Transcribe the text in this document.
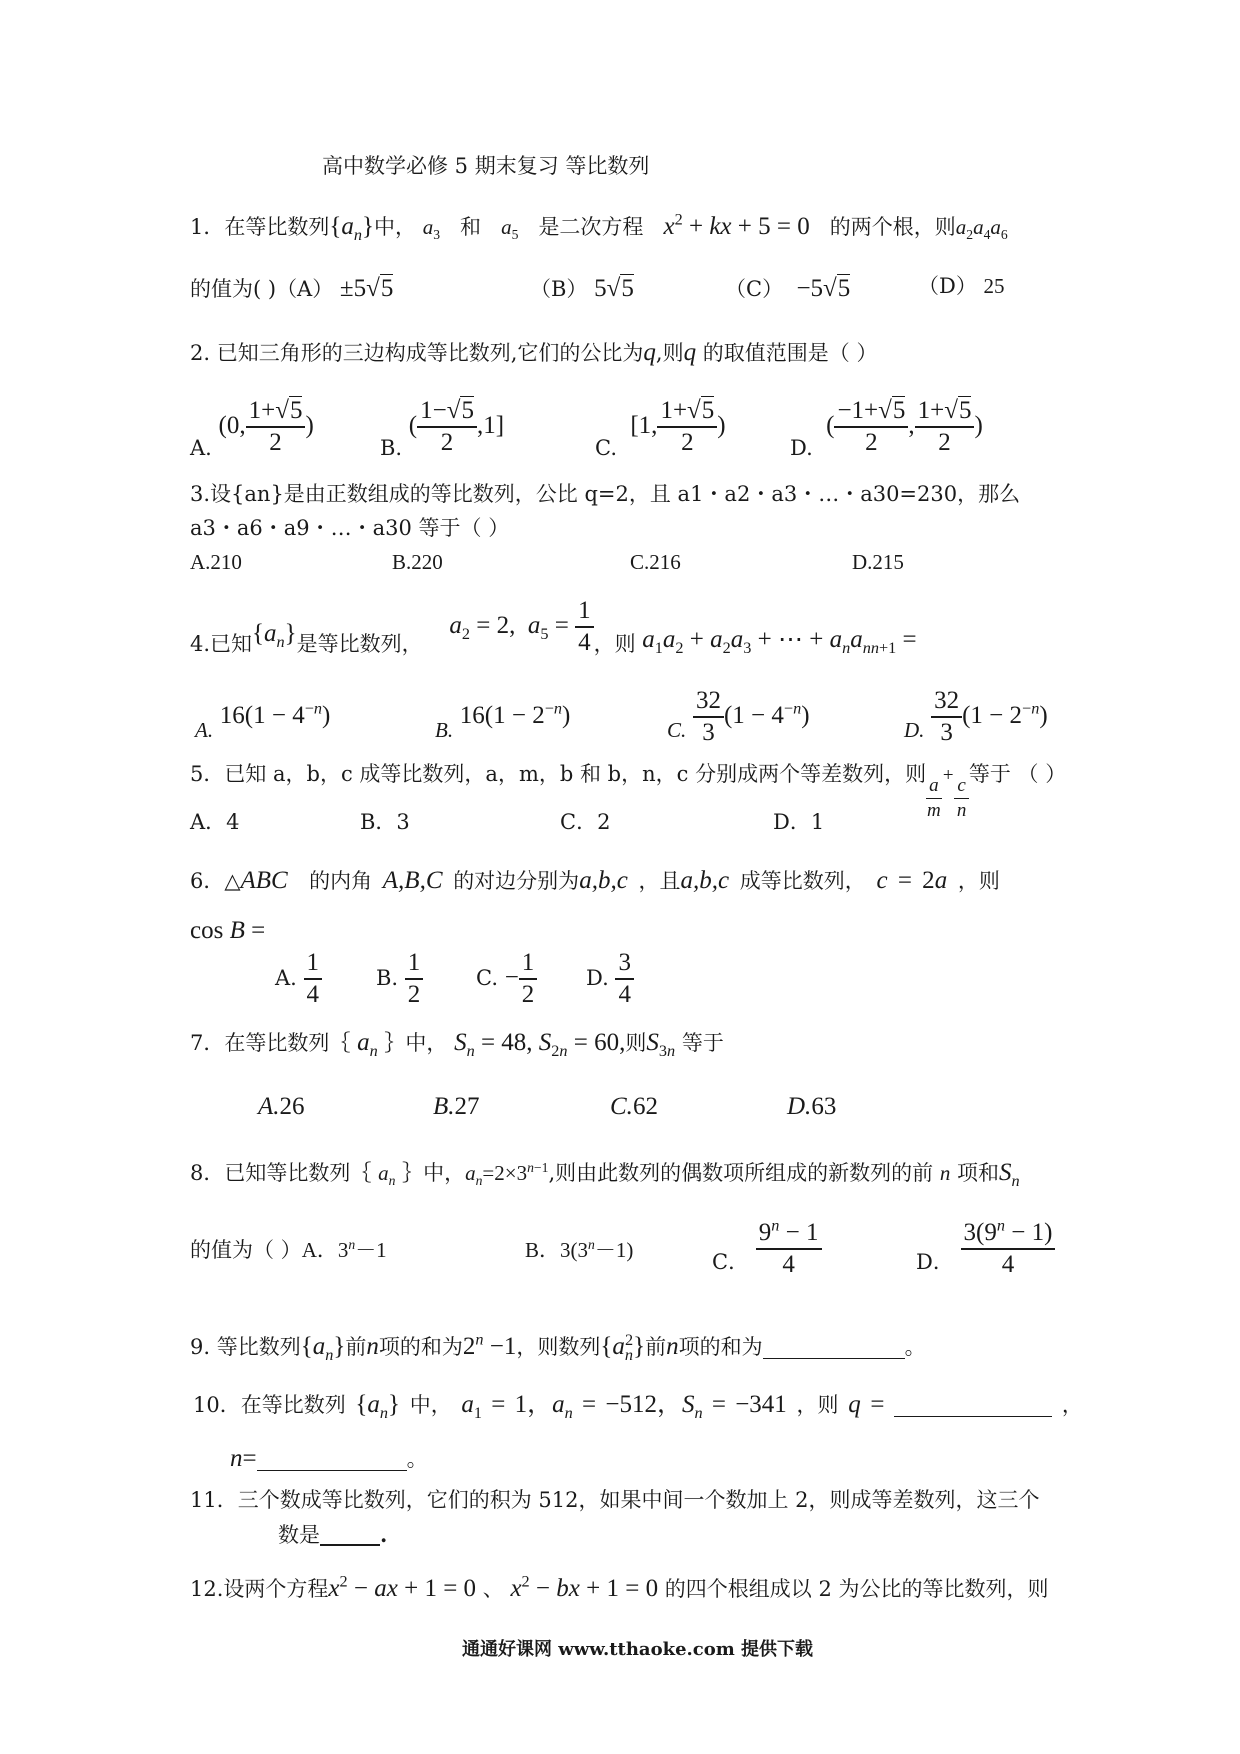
高中数学必修 5 期末复习 等比数列
1．在等比数列$\{a_n\}$中， $a_3$ 和 $a_5$ 是二次方程 $x^2$ + kx + 5 = 0 的两个根，则$a_2a_4a_6$
的值为( )（A） ±5√5	（B） 5√5	（C） −5√5	（D） 25
2. 已知三角形的三边构成等比数列,它们的公比为q,则q 的取值范围是（ ）
A. (0, $\frac{1+√5}{2} )B$. ( $\frac{1-√5}{2} ,1]C$.  [1, $\frac{1+√5}{2} )D$.  ( $\frac{-1+√5}{2}$ , $\frac{1+√5}{2}$ )
3.设{an}是由正数组成的等比数列，公比 q=2，且 a1・a2・a3・…・a30=230，那么
a3・a6・a9・…・a30 等于（ ）
A.210	B.220	C.216	D.215
4.已知$\{a_n\}$是等比数列，    $a_2 = 2$,  $a_5 = \frac{1}{4}$ ，则 $a_1a_2 + a_2a_3$ + ⋯ + $a_na_{nn+1}$ =
A. $16(1 - 4^{-n})B$. $16(1 - 2^{-n})C$. $\frac{32}{3} (1 - 4^{-n})D$. $\frac{32}{3} (1 - 2^{-n})$
5．已知 a，b，c 成等比数列，a，m，b 和 b，n，c 分别成两个等差数列，则
$\frac{a}{m}$
+
$\frac{c}{n}$
等于 （ ）
A．4	B．3	C．2	D．1
6．△ABC 的内角 A,B,C 的对边分别为a,b,c ，且a,b,c 成等比数列， c = 2a ，则
cos B =
A. $\frac{1}{4}$	B. $\frac{1}{2}$	C. − $\frac{1}{2} D$. $\frac{3}{4}$
7．在等比数列｛ $a_n$ ｝中， $S_n = 48$, $S_{2n} = 60$,则$S_{3n}$ 等于
A.26	B.27	C.62	D.63
8．已知等比数列｛ $a_n$ ｝中，$a_n=2\times 3^{n-1}$,则由此数列的偶数项所组成的新数列的前 n 项和$S_n$
的值为（ ）A．$3^n-1$	B．$3(3^n-1)$	C． $\frac{9^n - 1}{4}$	D． $\frac{3(9^n - 1)}{4}$
9. 等比数列$\{a_n\}$前n项的和为$2^n -1$，则数列$\{a_n^2\}$前n项的和为	。
10．在等比数列 $\{a_n\}$ 中， $a_1 = 1$，$a_n = -512$，$S_n = -341$ ，则 q =	，
n=	。
11．三个数成等比数列，它们的积为 512，如果中间一个数加上 2，则成等差数列，这三个
数是	.
12.设两个方程$x^2$ − ax + 1 = 0 、 $x^2$ − bx + 1 = 0 的四个根组成以 2 为公比的等比数列，则
通通好课网 www.tthaoke.com 提供下载
